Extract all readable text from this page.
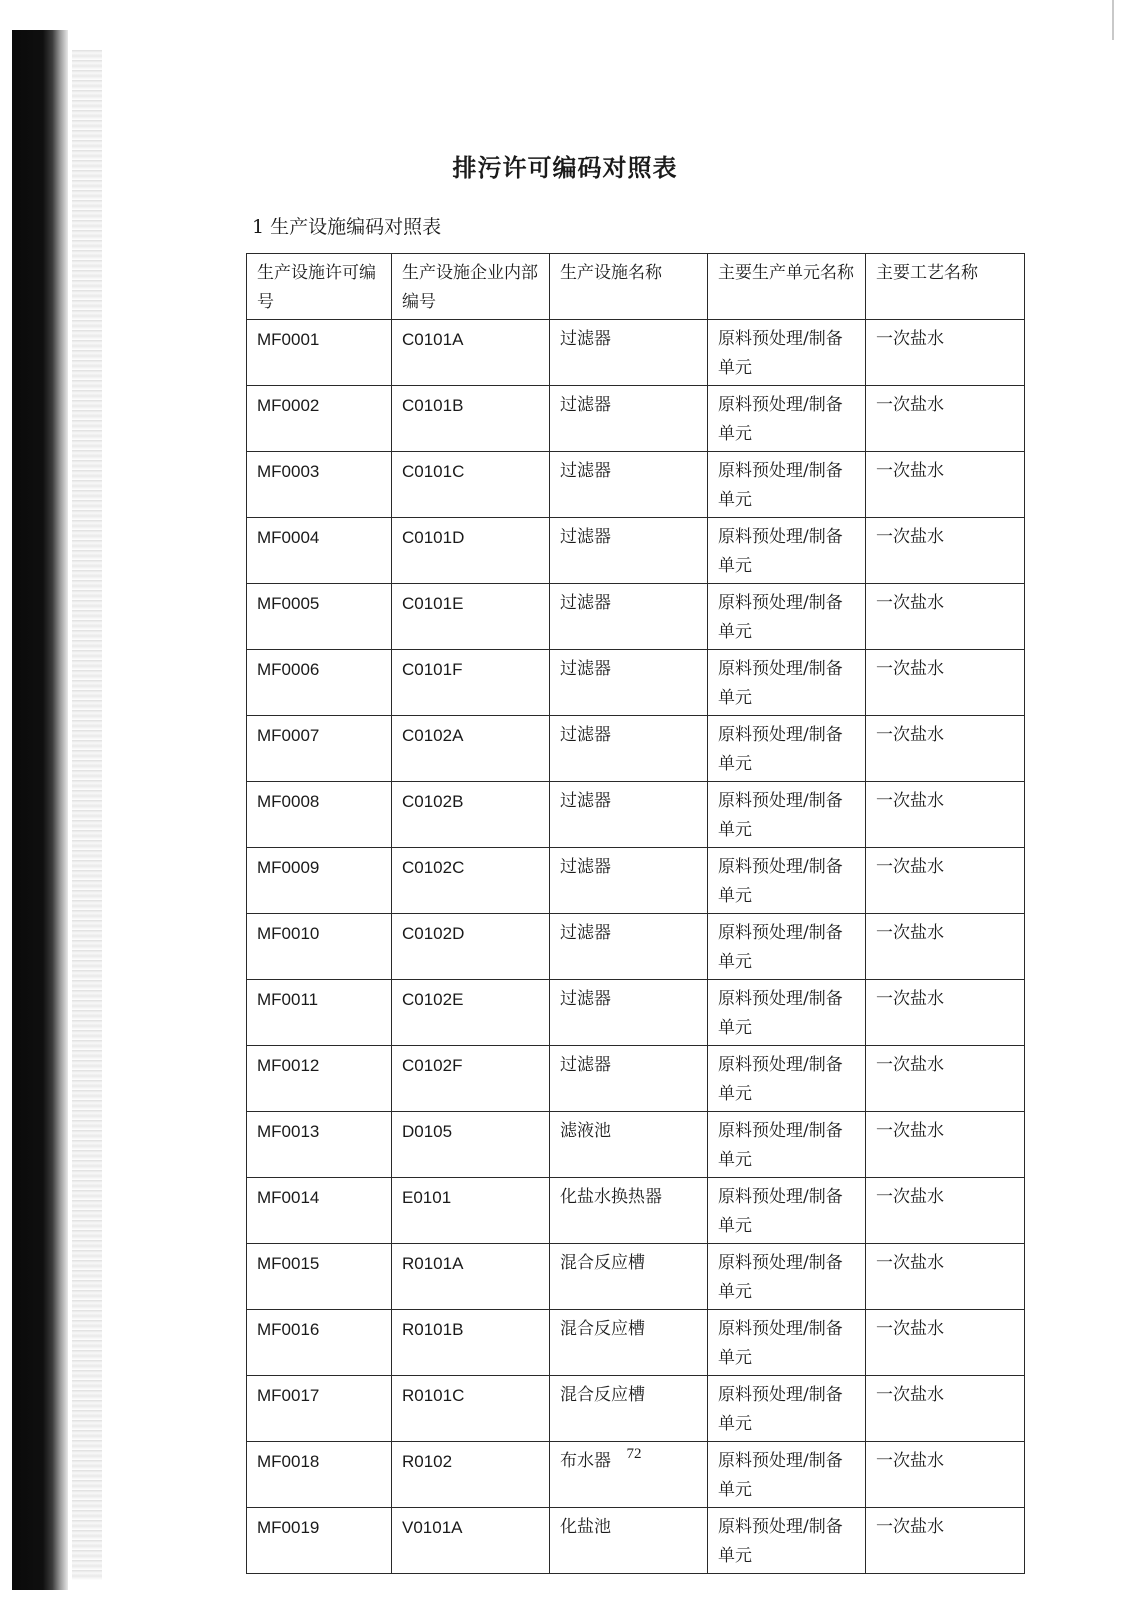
排污许可编码对照表
1 生产设施编码对照表
生产设施许可编号	生产设施企业内部编号	生产设施名称	主要生产单元名称	主要工艺名称
MF0001	C0101A	过滤器	原料预处理/制备单元	一次盐水
MF0002	C0101B	过滤器	原料预处理/制备单元	一次盐水
MF0003	C0101C	过滤器	原料预处理/制备单元	一次盐水
MF0004	C0101D	过滤器	原料预处理/制备单元	一次盐水
MF0005	C0101E	过滤器	原料预处理/制备单元	一次盐水
MF0006	C0101F	过滤器	原料预处理/制备单元	一次盐水
MF0007	C0102A	过滤器	原料预处理/制备单元	一次盐水
MF0008	C0102B	过滤器	原料预处理/制备单元	一次盐水
MF0009	C0102C	过滤器	原料预处理/制备单元	一次盐水
MF0010	C0102D	过滤器	原料预处理/制备单元	一次盐水
MF0011	C0102E	过滤器	原料预处理/制备单元	一次盐水
MF0012	C0102F	过滤器	原料预处理/制备单元	一次盐水
MF0013	D0105	滤液池	原料预处理/制备单元	一次盐水
MF0014	E0101	化盐水换热器	原料预处理/制备单元	一次盐水
MF0015	R0101A	混合反应槽	原料预处理/制备单元	一次盐水
MF0016	R0101B	混合反应槽	原料预处理/制备单元	一次盐水
MF0017	R0101C	混合反应槽	原料预处理/制备单元	一次盐水
MF0018	R0102	布水器	原料预处理/制备单元	一次盐水
MF0019	V0101A	化盐池	原料预处理/制备单元	一次盐水
72
